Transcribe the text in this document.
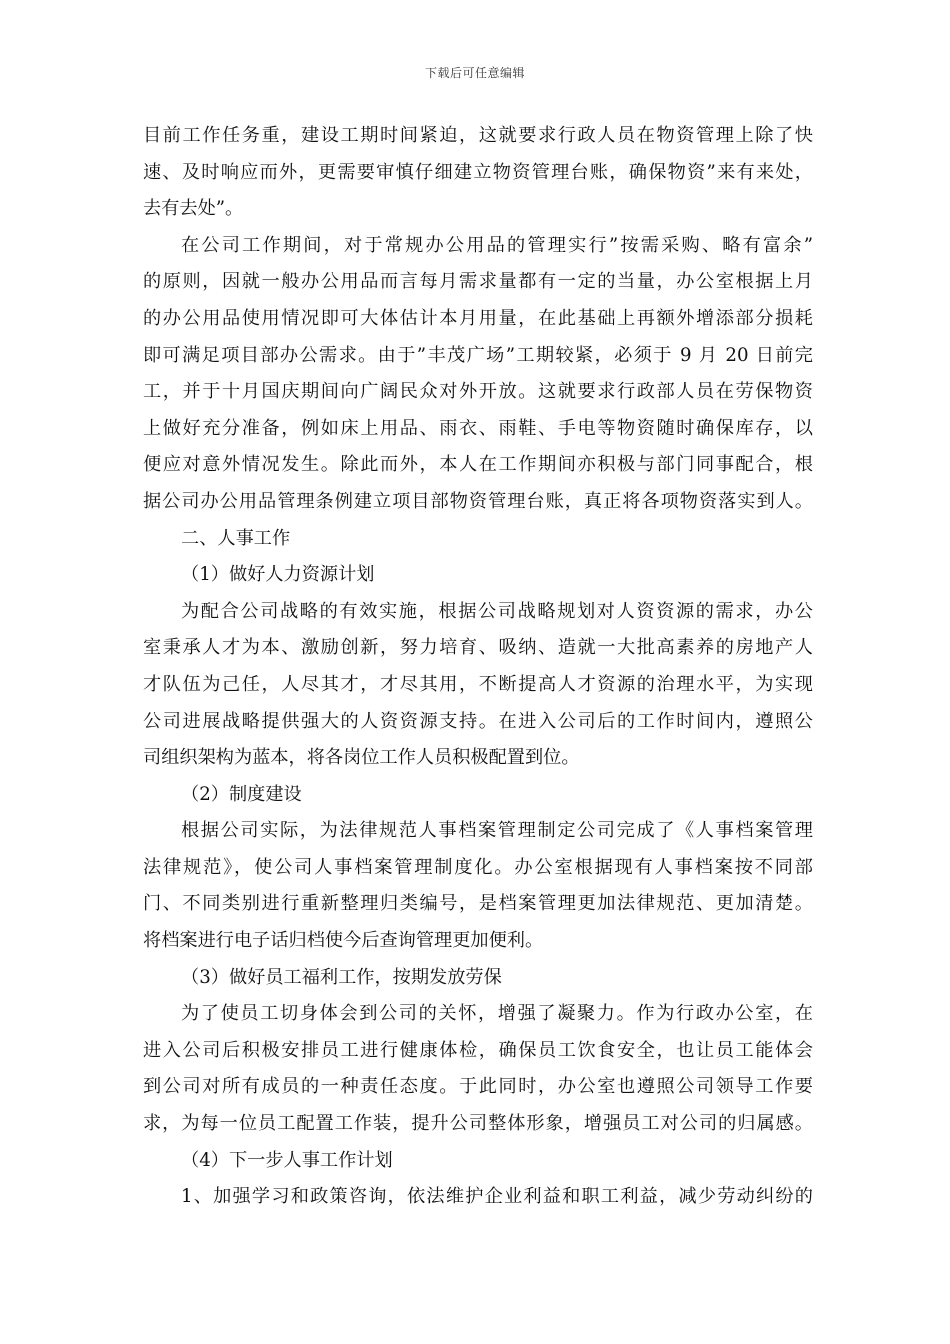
下载后可任意编辑
目前工作任务重，建设工期时间紧迫，这就要求行政人员在物资管理上除了快
速、及时响应而外，更需要审慎仔细建立物资管理台账，确保物资”来有来处，
去有去处”。
在公司工作期间，对于常规办公用品的管理实行”按需采购、略有富余”
的原则，因就一般办公用品而言每月需求量都有一定的当量，办公室根据上月
的办公用品使用情况即可大体估计本月用量，在此基础上再额外增添部分损耗
即可满足项目部办公需求。由于”丰茂广场”工期较紧，必须于 9 月 20 日前完
工，并于十月国庆期间向广阔民众对外开放。这就要求行政部人员在劳保物资
上做好充分准备，例如床上用品、雨衣、雨鞋、手电等物资随时确保库存，以
便应对意外情况发生。除此而外，本人在工作期间亦积极与部门同事配合，根
据公司办公用品管理条例建立项目部物资管理台账，真正将各项物资落实到人。
二、人事工作
（1）做好人力资源计划
为配合公司战略的有效实施，根据公司战略规划对人资资源的需求，办公
室秉承人才为本、激励创新，努力培育、吸纳、造就一大批高素养的房地产人
才队伍为己任，人尽其才，才尽其用，不断提高人才资源的治理水平，为实现
公司进展战略提供强大的人资资源支持。在进入公司后的工作时间内，遵照公
司组织架构为蓝本，将各岗位工作人员积极配置到位。
（2）制度建设
根据公司实际，为法律规范人事档案管理制定公司完成了《人事档案管理
法律规范》，使公司人事档案管理制度化。办公室根据现有人事档案按不同部
门、不同类别进行重新整理归类编号，是档案管理更加法律规范、更加清楚。
将档案进行电子话归档使今后查询管理更加便利。
（3）做好员工福利工作，按期发放劳保
为了使员工切身体会到公司的关怀，增强了凝聚力。作为行政办公室，在
进入公司后积极安排员工进行健康体检，确保员工饮食安全，也让员工能体会
到公司对所有成员的一种责任态度。于此同时，办公室也遵照公司领导工作要
求，为每一位员工配置工作装，提升公司整体形象，增强员工对公司的归属感。
（4）下一步人事工作计划
1、加强学习和政策咨询，依法维护企业利益和职工利益，减少劳动纠纷的
